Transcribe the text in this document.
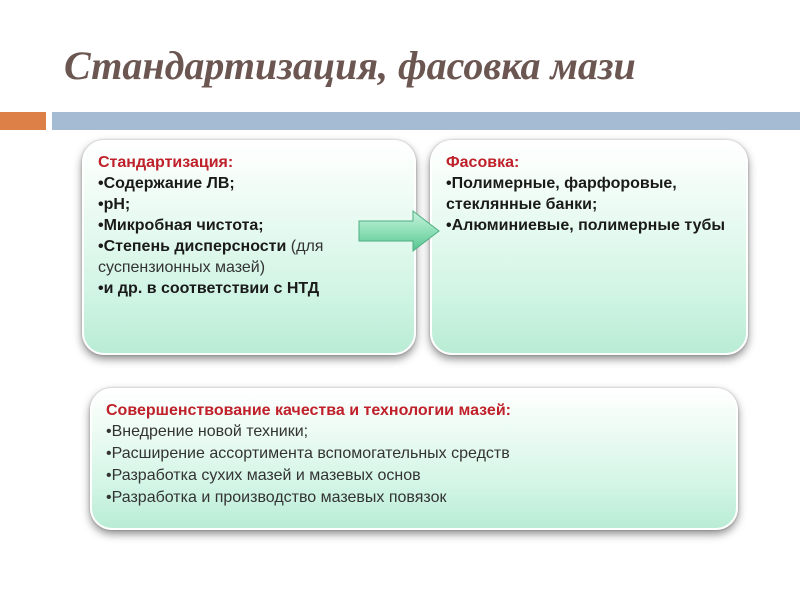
Стандартизация, фасовка мази
Стандартизация:
•Содержание ЛВ;
•pH;
•Микробная чистота;
•Степень дисперсности (для суспензионных мазей)
•и др. в соответствии с НТД
Фасовка:
•Полимерные, фарфоровые, стеклянные банки;
•Алюминиевые, полимерные тубы
Совершенствование качества и технологии мазей:
•Внедрение новой техники;
•Расширение ассортимента вспомогательных средств
•Разработка сухих мазей и мазевых основ
•Разработка и производство мазевых повязок
